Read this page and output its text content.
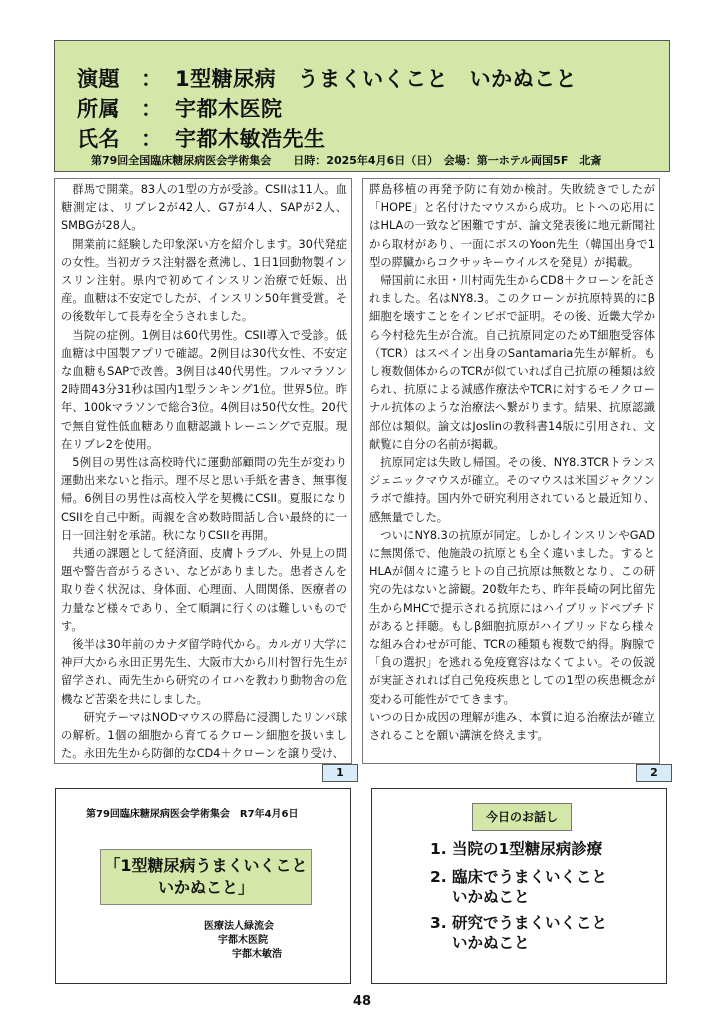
演題 ： 1型糖尿病　うまくいくこと　いかぬこと
所属 ： 宇都木医院
氏名 ： 宇都木敏浩先生
第79回全国臨床糖尿病医会学術集会　　日時：2025年4月6日（日）　会場：第一ホテル両国5F　北斎

群馬で開業。83人の1型の方が受診。CSIIは11人。血糖測定は、リブレ2が42人、G7が4人、SAPが2人、SMBGが28人。

開業前に経験した印象深い方を紹介します。30代発症の女性。当初ガラス注射器を煮沸し、1日1回動物製インスリン注射。県内で初めてインスリン治療で妊娠、出産。血糖は不安定でしたが、インスリン50年賞受賞。その後数年して長寿を全うされました。

当院の症例。1例目は60代男性。CSII導入で受診。低血糖は中国製アプリで確認。2例目は30代女性、不安定な血糖もSAPで改善。3例目は40代男性。フルマラソン2時間43分31秒は国内1型ランキング1位。世界5位。昨年、100kマラソンで総合3位。4例目は50代女性。20代で無自覚性低血糖あり血糖認識トレーニングで克服。現在リブレ2を使用。

5例目の男性は高校時代に運動部顧問の先生が変わり運動出来ないと指示。理不尽と思い手紙を書き、無事復帰。6例目の男性は高校入学を契機にCSII。夏服になりCSIIを自己中断。両親を含め数時間話し合い最終的に一日一回注射を承諾。秋になりCSIIを再開。

共通の課題として経済面、皮膚トラブル、外見上の問題や警告音がうるさい、などがありました。患者さんを取り巻く状況は、身体面、心理面、人間関係、医療者の力量など様々であり、全て順調に行くのは難しいものです。

後半は30年前のカナダ留学時代から。カルガリ大学に神戸大から永田正男先生、大阪市大から川村智行先生が留学され、両先生から研究のイロハを教わり動物舎の危機など苦楽を共にしました。

　研究テーマはNODマウスの膵島に浸潤したリンパ球の解析。1個の細胞から育てるクローン細胞を扱いました。永田先生から防御的なCD4＋クローンを譲り受け、

1

膵島移植の再発予防に有効か検討。失敗続きでしたが「HOPE」と名付けたマウスから成功。ヒトへの応用にはHLAの一致など困難ですが、論文発表後に地元新聞社から取材があり、一面にボスのYoon先生（韓国出身で1型の膵臓からコクサッキーウイルスを発見）が掲載。

帰国前に永田・川村両先生からCD8＋クローンを託されました。名はNY8.3。このクローンが抗原特異的にβ細胞を壊すことをインビボで証明。その後、近畿大学から今村稔先生が合流。自己抗原同定のためT細胞受容体（TCR）はスペイン出身のSantamaria先生が解析。もし複数個体からのTCRが似ていれば自己抗原の種類は絞られ、抗原による減感作療法やTCRに対するモノクローナル抗体のような治療法へ繋がります。結果、抗原認識部位は類似。論文はJoslinの教科書14版に引用され、文献覧に自分の名前が掲載。

抗原同定は失敗し帰国。その後、NY8.3TCRトランスジェニックマウスが確立。そのマウスは米国ジャクソンラボで維持。国内外で研究利用されていると最近知り、感無量でした。

ついにNY8.3の抗原が同定。しかしインスリンやGADに無関係で、他施設の抗原とも全く違いました。するとHLAが個々に違うヒトの自己抗原は無数となり、この研究の先はないと諦観。20数年たち、昨年長崎の阿比留先生からMHCで提示される抗原にはハイブリッドペプチドがあると拝聴。もしβ細胞抗原がハイブリッドなら様々な組み合わせが可能、TCRの種類も複数で納得。胸腺で「負の選択」を逃れる免疫寛容はなくてよい。その仮説が実証されれば自己免疫疾患としての1型の疾患概念が変わる可能性がでてきます。

いつの日か成因の理解が進み、本質に迫る治療法が確立されることを願い講演を終えます。

2
第79回臨床糖尿病医会学術集会　R7年4月6日
「1型糖尿病うまくいくこと
いかぬこと」
医療法人緑流会
宇都木医院
宇都木敏浩
今日のお話し
1. 当院の1型糖尿病診療
2. 臨床でうまくいくこと
いかぬこと
3. 研究でうまくいくこと
いかぬこと
48
